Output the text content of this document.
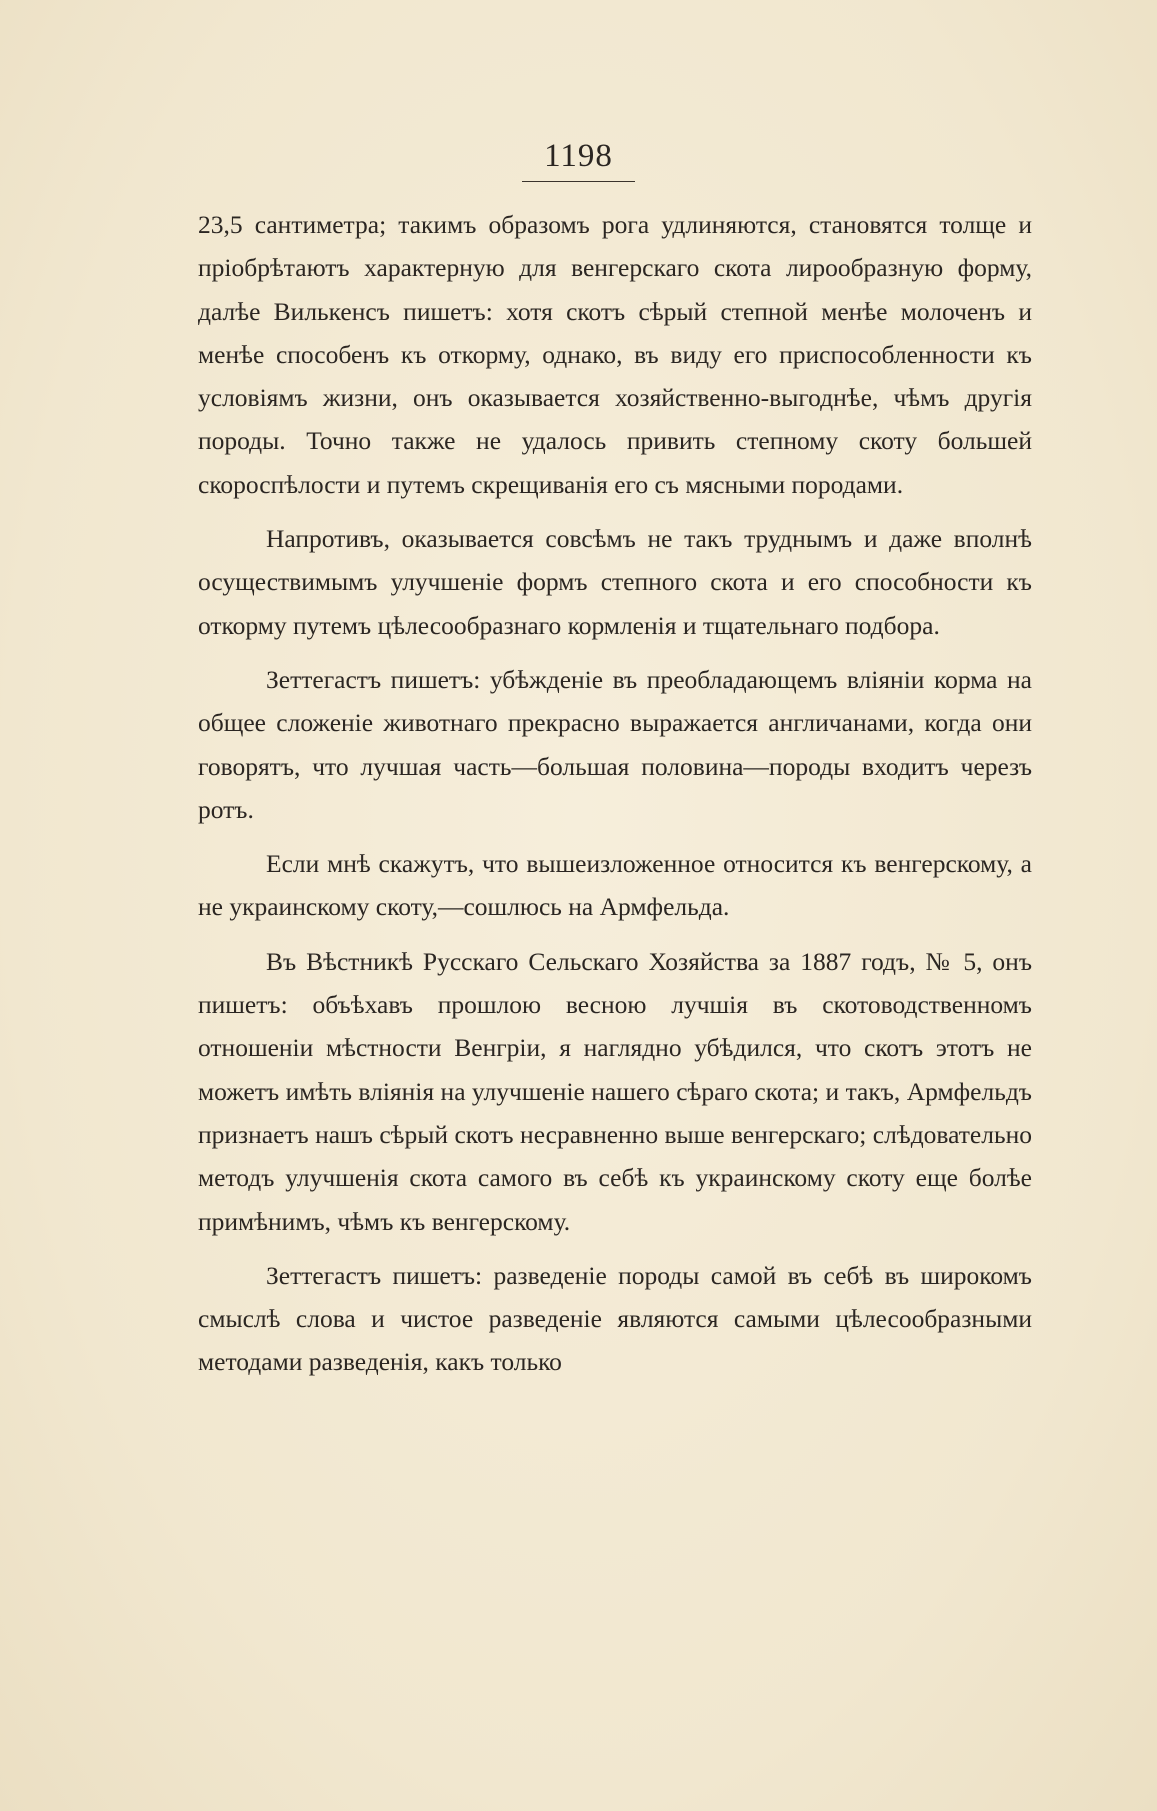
1198

23,5 сантиметра; такимъ образомъ рога удлиняются, становятся толще и пріобрѣтаютъ характерную для венгерскаго скота лирообразную форму, далѣе Вилькенсъ пишетъ: хотя скотъ сѣрый степной менѣе молоченъ и менѣе способенъ къ откорму, однако, въ виду его приспособленности къ условіямъ жизни, онъ оказывается хозяйственно-выгоднѣе, чѣмъ другія породы. Точно также не удалось привить степному скоту большей скороспѣлости и путемъ скрещиванія его съ мясными породами.

Напротивъ, оказывается совсѣмъ не такъ труднымъ и даже вполнѣ осуществимымъ улучшеніе формъ степного скота и его способности къ откорму путемъ цѣлесообразнаго кормленія и тщательнаго подбора.

Зеттегастъ пишетъ: убѣжденіе въ преобладающемъ вліяніи корма на общее сложеніе животнаго прекрасно выражается англичанами, когда они говорятъ, что лучшая часть—большая половина—породы входитъ черезъ ротъ.

Если мнѣ скажутъ, что вышеизложенное относится къ венгерскому, а не украинскому скоту,—сошлюсь на Армфельда.

Въ Вѣстникѣ Русскаго Сельскаго Хозяйства за 1887 годъ, № 5, онъ пишетъ: объѣхавъ прошлою весною лучшія въ скотоводственномъ отношеніи мѣстности Венгріи, я наглядно убѣдился, что скотъ этотъ не можетъ имѣть вліянія на улучшеніе нашего сѣраго скота; и такъ, Армфельдъ признаетъ нашъ сѣрый скотъ несравненно выше венгерскаго; слѣдовательно методъ улучшенія скота самого въ себѣ къ украинскому скоту еще болѣе примѣнимъ, чѣмъ къ венгерскому.

Зеттегастъ пишетъ: разведеніе породы самой въ себѣ въ широкомъ смыслѣ слова и чистое разведеніе являются самыми цѣлесообразными методами разведенія, какъ только
